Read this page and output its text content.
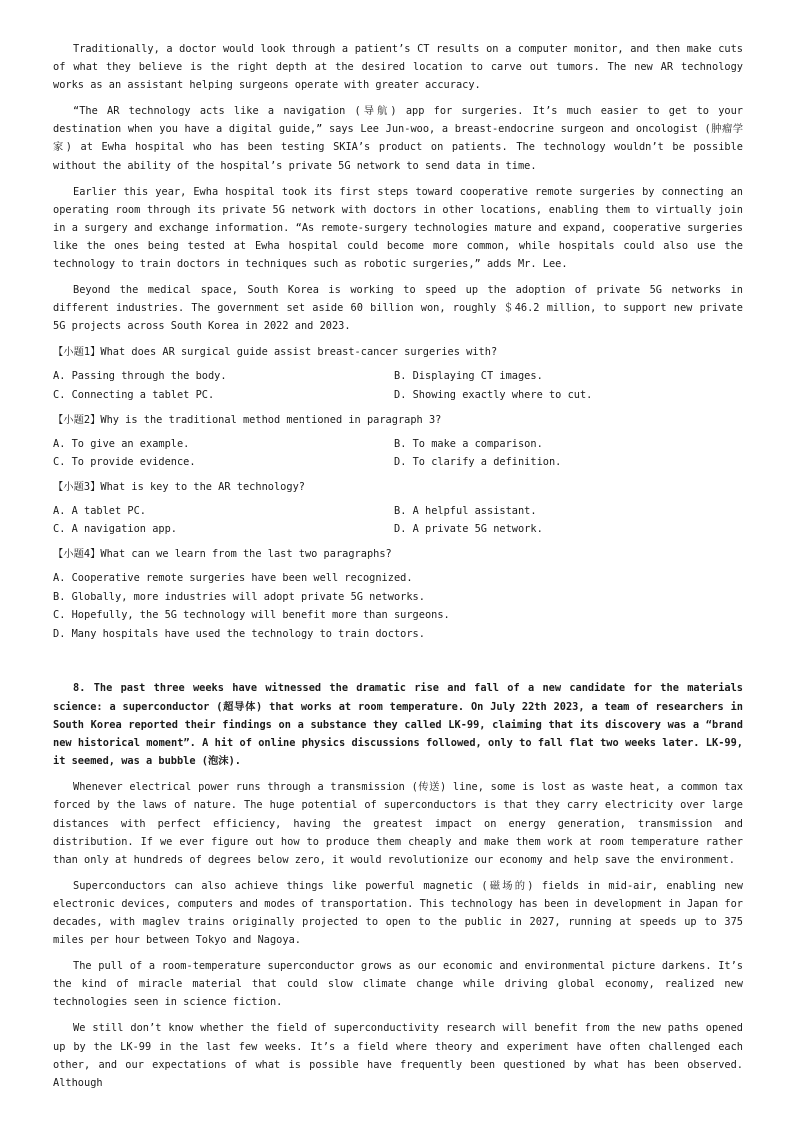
Traditionally, a doctor would look through a patient’s CT results on a computer monitor, and then make cuts of what they believe is the right depth at the desired location to carve out tumors. The new AR technology works as an assistant helping surgeons operate with greater accuracy.

“The AR technology acts like a navigation (导航) app for surgeries. It’s much easier to get to your destination when you have a digital guide,” says Lee Jun-woo, a breast-endocrine surgeon and oncologist (肿瘤学家) at Ewha hospital who has been testing SKIA’s product on patients. The technology wouldn’t be possible without the ability of the hospital’s private 5G network to send data in time.

Earlier this year, Ewha hospital took its first steps toward cooperative remote surgeries by connecting an operating room through its private 5G network with doctors in other locations, enabling them to virtually join in a surgery and exchange information. “As remote-surgery technologies mature and expand, cooperative surgeries like the ones being tested at Ewha hospital could become more common, while hospitals could also use the technology to train doctors in techniques such as robotic surgeries,” adds Mr. Lee.

Beyond the medical space, South Korea is working to speed up the adoption of private 5G networks in different industries. The government set aside 60 billion won, roughly ＄46.2 million, to support new private 5G projects across South Korea in 2022 and 2023.

【小题1】What does AR surgical guide assist breast-cancer surgeries with?
A. Passing through the body.	B. Displaying CT images.
C. Connecting a tablet PC.	D. Showing exactly where to cut.
【小题2】Why is the traditional method mentioned in paragraph 3?
A. To give an example.	B. To make a comparison.
C. To provide evidence.	D. To clarify a definition.
【小题3】What is key to the AR technology?
A. A tablet PC.	B. A helpful assistant.
C. A navigation app.	D. A private 5G network.
【小题4】What can we learn from the last two paragraphs?
A. Cooperative remote surgeries have been well recognized.
B. Globally, more industries will adopt private 5G networks.
C. Hopefully, the 5G technology will benefit more than surgeons.
D. Many hospitals have used the technology to train doctors.

8. The past three weeks have witnessed the dramatic rise and fall of a new candidate for the materials science: a superconductor (超导体) that works at room temperature. On July 22th 2023, a team of researchers in South Korea reported their findings on a substance they called LK-99, claiming that its discovery was a “brand new historical moment”. A hit of online physics discussions followed, only to fall flat two weeks later. LK-99, it seemed, was a bubble (泡沫).

Whenever electrical power runs through a transmission (传送) line, some is lost as waste heat, a common tax forced by the laws of nature. The huge potential of superconductors is that they carry electricity over large distances with perfect efficiency, having the greatest impact on energy generation, transmission and distribution. If we ever figure out how to produce them cheaply and make them work at room temperature rather than only at hundreds of degrees below zero, it would revolutionize our economy and help save the environment.

Superconductors can also achieve things like powerful magnetic (磁场的) fields in mid-air, enabling new electronic devices, computers and modes of transportation. This technology has been in development in Japan for decades, with maglev trains originally projected to open to the public in 2027, running at speeds up to 375 miles per hour between Tokyo and Nagoya.

The pull of a room-temperature superconductor grows as our economic and environmental picture darkens. It’s the kind of miracle material that could slow climate change while driving global economy, realized new technologies seen in science fiction.

We still don’t know whether the field of superconductivity research will benefit from the new paths opened up by the LK-99 in the last few weeks. It’s a field where theory and experiment have often challenged each other, and our expectations of what is possible have frequently been questioned by what has been observed. Although
